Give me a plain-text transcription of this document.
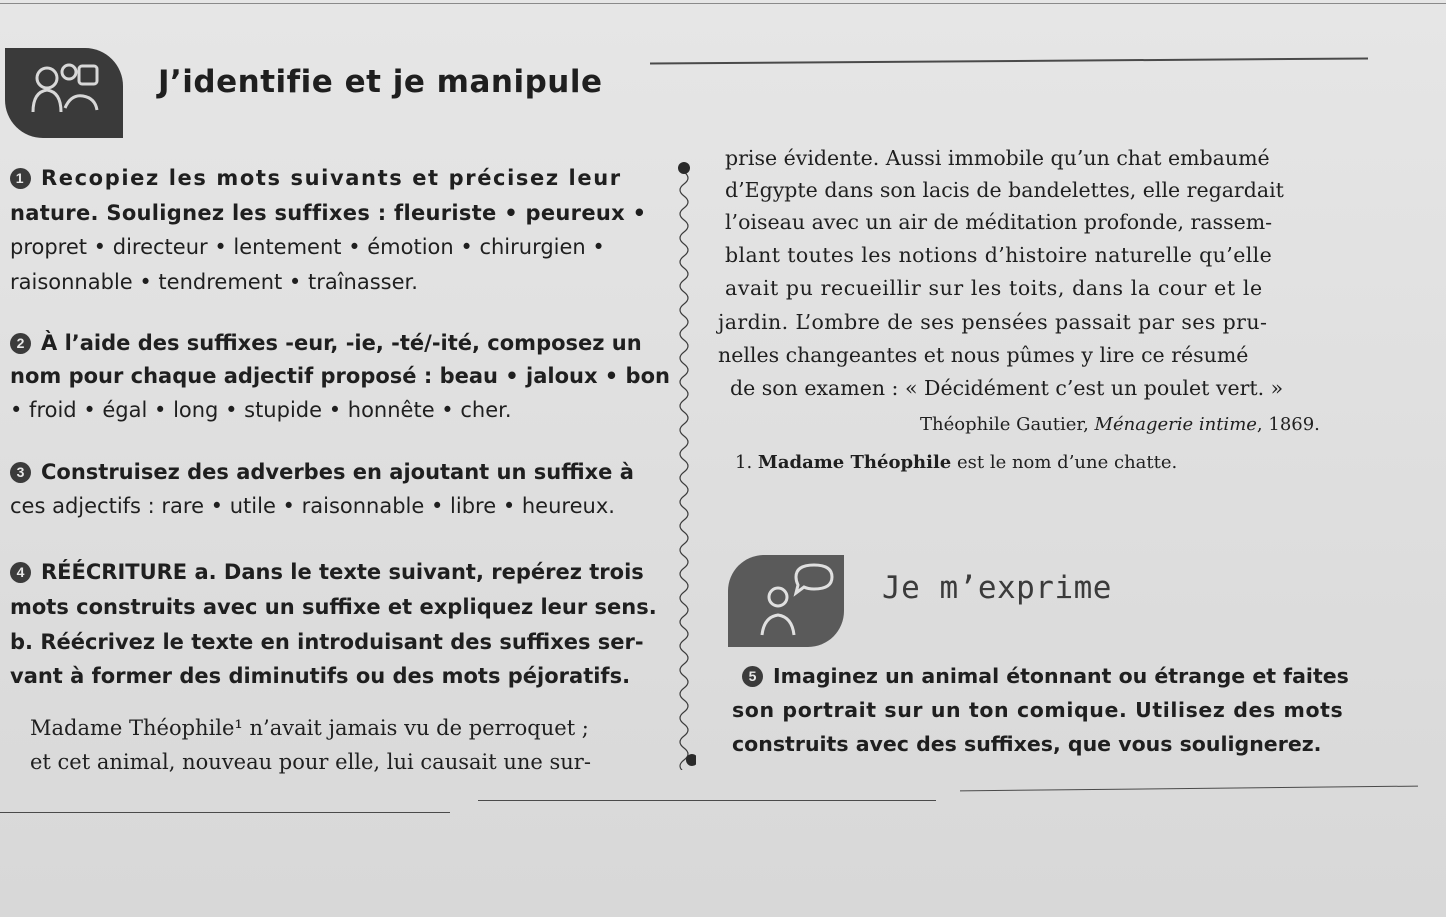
J’identifie et je manipule
1 Recopiez les mots suivants et précisez leur
nature. Soulignez les suffixes : fleuriste • peureux •
propret • directeur • lentement • émotion • chirurgien •
raisonnable • tendrement • traînasser.
2 À l’aide des suffixes -eur, -ie, -té/-ité, composez un
nom pour chaque adjectif proposé : beau • jaloux • bon
• froid • égal • long • stupide • honnête • cher.
3 Construisez des adverbes en ajoutant un suffixe à
ces adjectifs : rare • utile • raisonnable • libre • heureux.
4 RÉÉCRITURE a. Dans le texte suivant, repérez trois
mots construits avec un suffixe et expliquez leur sens.
b. Réécrivez le texte en introduisant des suffixes ser-
vant à former des diminutifs ou des mots péjoratifs.
Madame Théophile¹ n’avait jamais vu de perroquet ;
et cet animal, nouveau pour elle, lui causait une sur-
prise évidente. Aussi immobile qu’un chat embaumé
d’Egypte dans son lacis de bandelettes, elle regardait
l’oiseau avec un air de méditation profonde, rassem-
blant toutes les notions d’histoire naturelle qu’elle
avait pu recueillir sur les toits, dans la cour et le
jardin. L’ombre de ses pensées passait par ses pru-
nelles changeantes et nous pûmes y lire ce résumé
de son examen : « Décidément c’est un poulet vert. »
Théophile Gautier, Ménagerie intime, 1869.
1. Madame Théophile est le nom d’une chatte.
Je m’exprime
5 Imaginez un animal étonnant ou étrange et faites
son portrait sur un ton comique. Utilisez des mots
construits avec des suffixes, que vous soulignerez.
